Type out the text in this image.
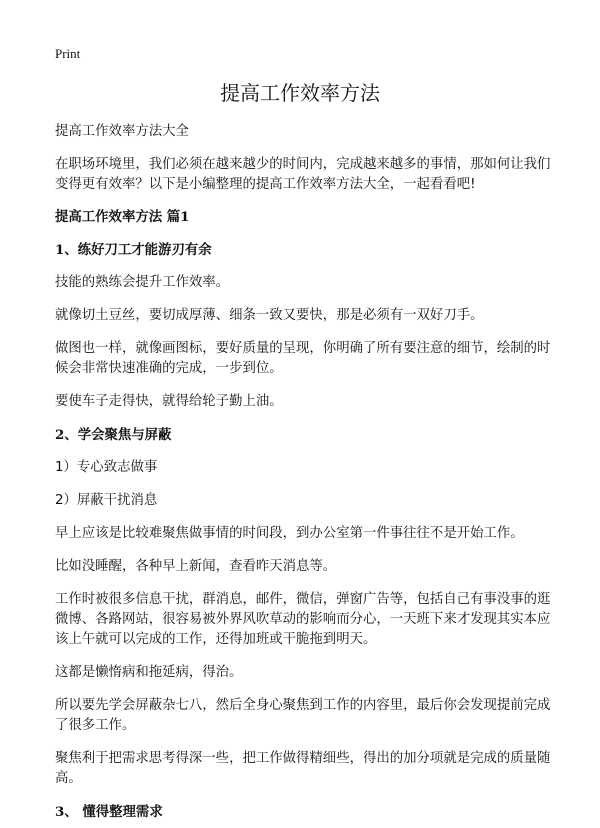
Print
提高工作效率方法

提高工作效率方法大全

在职场环境里，我们必须在越来越少的时间内，完成越来越多的事情，那如何让我们变得更有效率？以下是小编整理的提高工作效率方法大全，一起看看吧!

提高工作效率方法 篇1

1、练好刀工才能游刃有余

技能的熟练会提升工作效率。

就像切土豆丝，要切成厚薄、细条一致又要快，那是必须有一双好刀手。

做图也一样，就像画图标，要好质量的呈现，你明确了所有要注意的细节，绘制的时候会非常快速准确的完成，一步到位。

要使车子走得快，就得给轮子勤上油。

2、学会聚焦与屏蔽

1）专心致志做事

2）屏蔽干扰消息

早上应该是比较难聚焦做事情的时间段，到办公室第一件事往往不是开始工作。

比如没睡醒，各种早上新闻，查看昨天消息等。

工作时被很多信息干扰，群消息，邮件，微信，弹窗广告等，包括自己有事没事的逛微博、各路网站，很容易被外界风吹草动的影响而分心，一天班下来才发现其实本应该上午就可以完成的工作，还得加班或干脆拖到明天。

这都是懒惰病和拖延病，得治。

所以要先学会屏蔽杂七八，然后全身心聚焦到工作的内容里，最后你会发现提前完成了很多工作。

聚焦利于把需求思考得深一些，把工作做得精细些，得出的加分项就是完成的质量随高。

3、 懂得整理需求
